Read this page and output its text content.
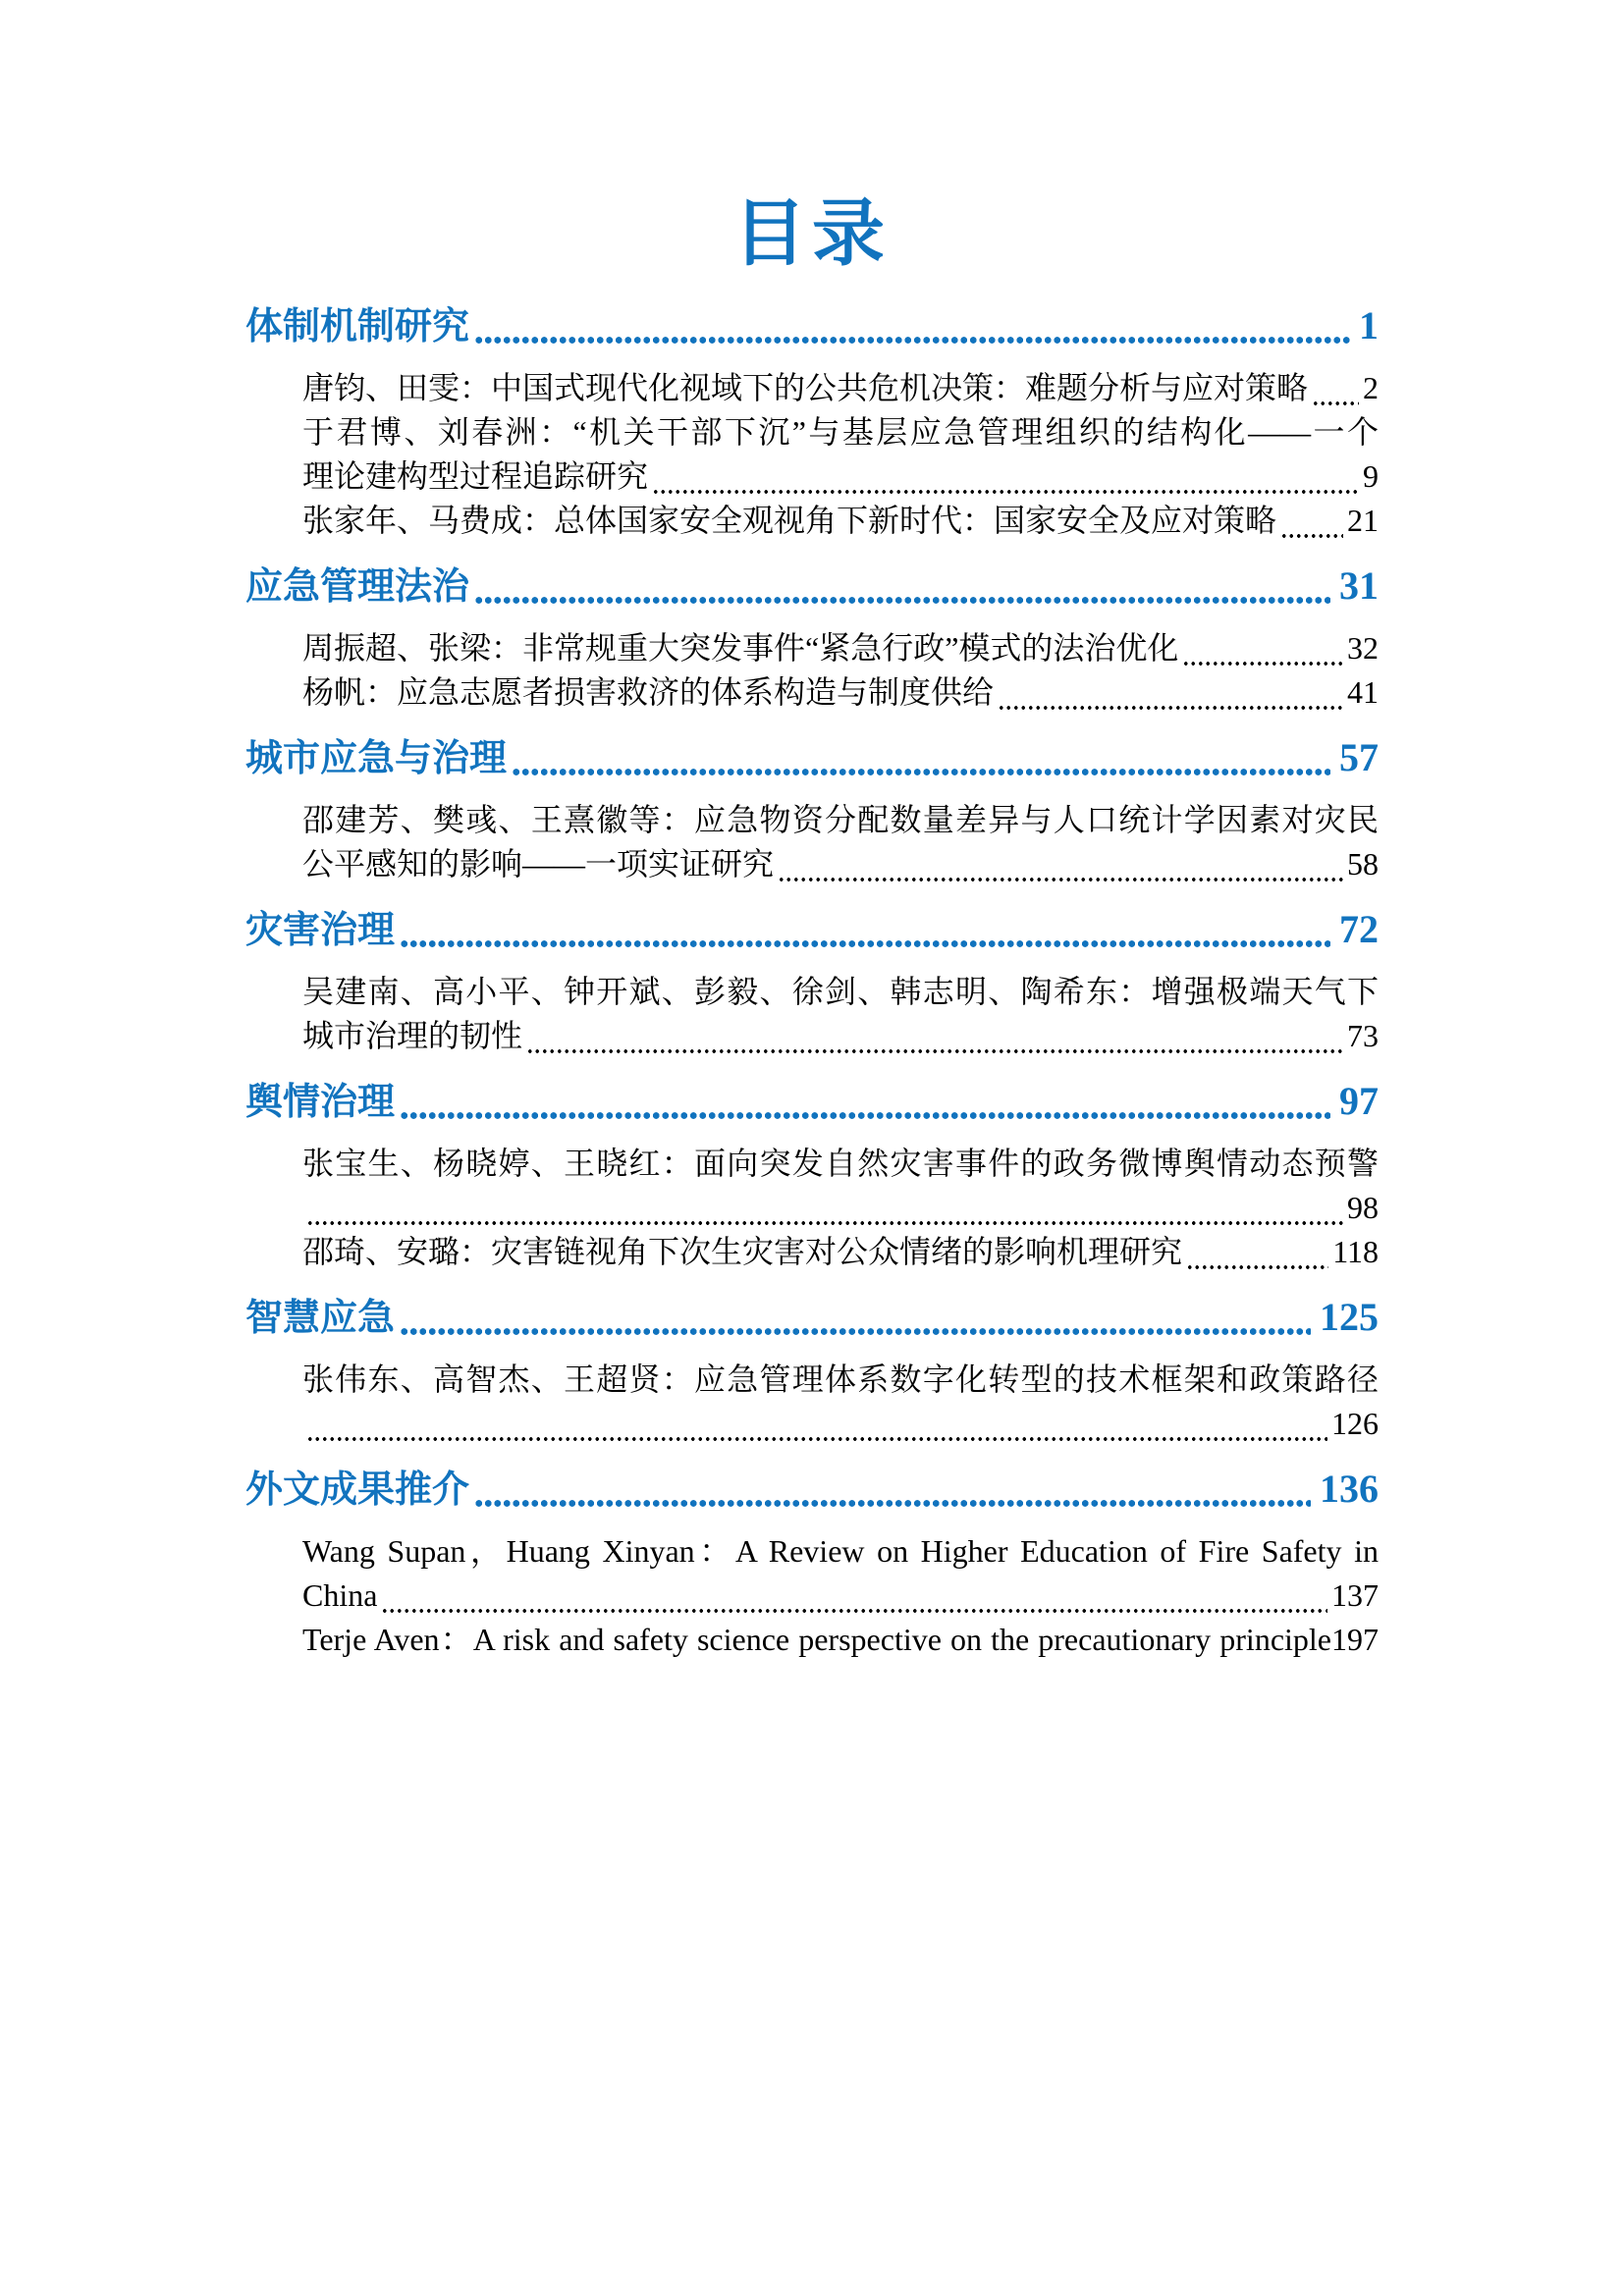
目录
体制机制研究	1
唐钧、田雯：中国式现代化视域下的公共危机决策：难题分析与应对策略 2
于君博、刘春洲：“机关干部下沉”与基层应急管理组织的结构化——一个
理论建构型过程追踪研究	9
张家年、马费成：总体国家安全观视角下新时代：国家安全及应对策略 21
应急管理法治	31
周振超、张梁：非常规重大突发事件“紧急行政”模式的法治优化	32
杨帆：应急志愿者损害救济的体系构造与制度供给	41
城市应急与治理	57
邵建芳、樊彧、王熹徽等：应急物资分配数量差异与人口统计学因素对灾民
公平感知的影响——一项实证研究	58
灾害治理	72
吴建南、高小平、钟开斌、彭毅、徐剑、韩志明、陶希东：增强极端天气下
城市治理的韧性	73
舆情治理	97
张宝生、杨晓婷、王晓红：面向突发自然灾害事件的政务微博舆情动态预警
98
邵琦、安璐：灾害链视角下次生灾害对公众情绪的影响机理研究	118
智慧应急	125
张伟东、高智杰、王超贤：应急管理体系数字化转型的技术框架和政策路径
126
外文成果推介	136
Wang Supan，Huang Xinyan：A Review on Higher Education of Fire Safety in
China	137
Terje Aven：A risk and safety science perspective on the precautionary principle 197
